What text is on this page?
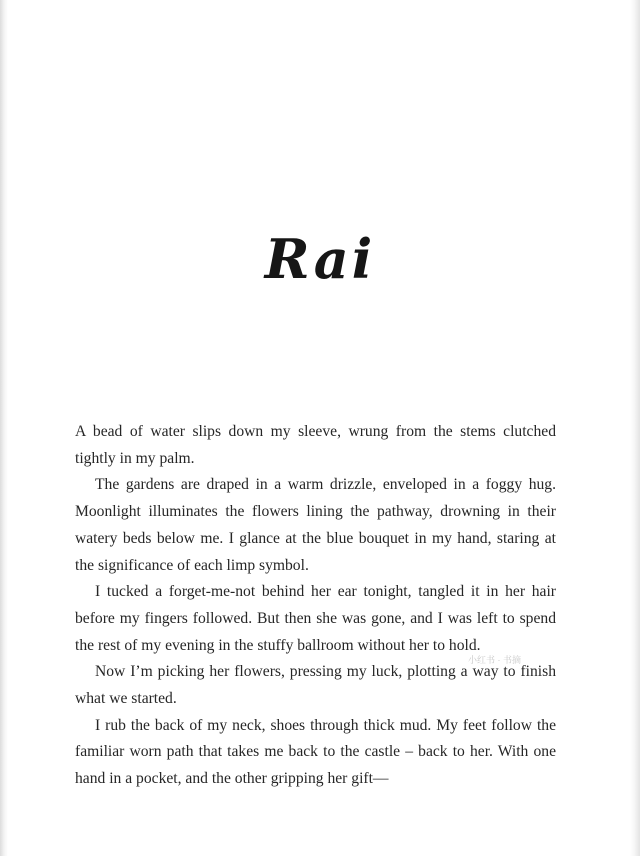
Rai

A bead of water slips down my sleeve, wrung from the stems clutched tightly in my palm.

The gardens are draped in a warm drizzle, enveloped in a foggy hug. Moonlight illuminates the flowers lining the pathway, drowning in their watery beds below me. I glance at the blue bouquet in my hand, staring at the significance of each limp symbol.

I tucked a forget-me-not behind her ear tonight, tangled it in her hair before my fingers followed. But then she was gone, and I was left to spend the rest of my evening in the stuffy ballroom without her to hold.

Now I’m picking her flowers, pressing my luck, plotting a way to finish what we started.

I rub the back of my neck, shoes through thick mud. My feet follow the familiar worn path that takes me back to the castle – back to her. With one hand in a pocket, and the other gripping her gift—

小红书 · 书摘
